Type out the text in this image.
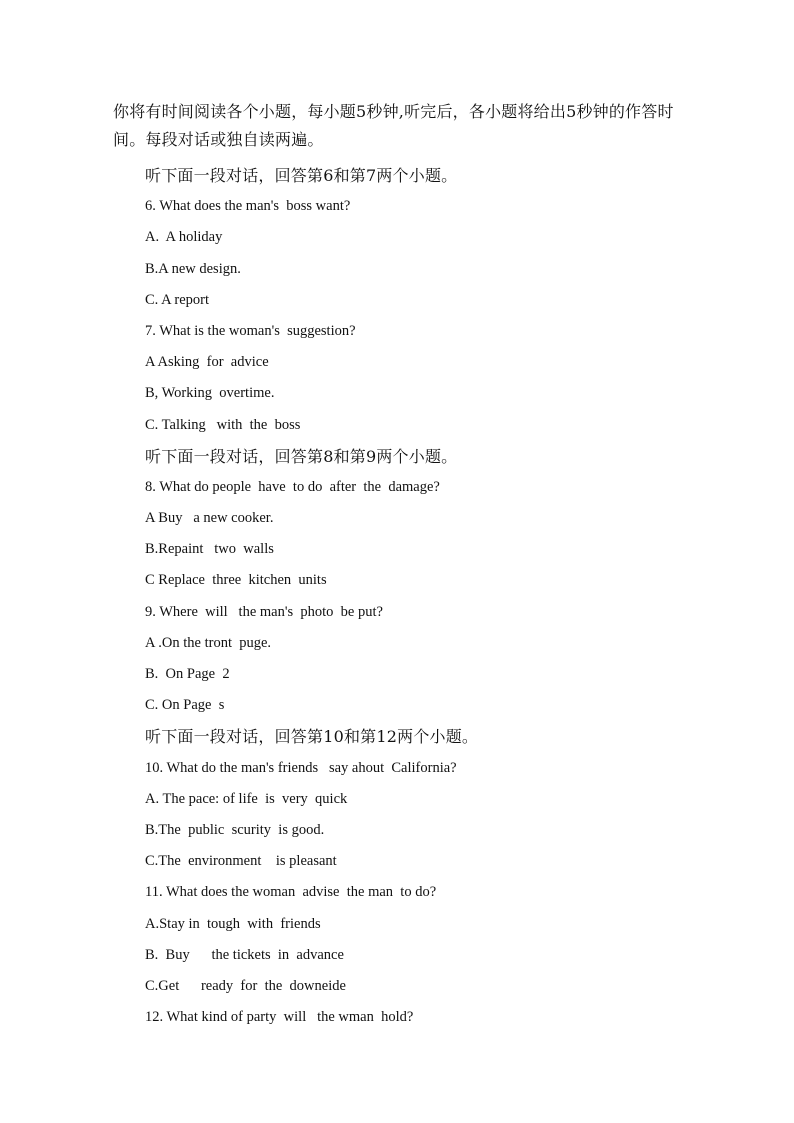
你将有时间阅读各个小题，每小题5秒钟,听完后，各小题将给出5秒钟的作答时间。每段对话或独自读两遍。
听下面一段对话，回答第6和第7两个小题。
6. What does the man's  boss want?
A.  A holiday
B.A new design.
C. A report
7. What is the woman's  suggestion?
A Asking  for  advice
B, Working  overtime.
C. Talking   with  the  boss
听下面一段对话，回答第8和第9两个小题。
8. What do people  have  to do  after  the  damage?
A Buy   a new cooker.
B.Repaint   two  walls
C Replace  three  kitchen  units
9. Where  will   the man's  photo  be put?
A .On the tront  puge.
B.  On Page  2
C. On Page  s
听下面一段对话，回答第10和第12两个小题。
10. What do the man's friends   say ahout  California?
A. The pace: of life  is  very  quick
B.The  public  scurity  is good.
C.The  environment    is pleasant
11. What does the woman  advise  the man  to do?
A.Stay in  tough  with  friends
B.  Buy      the tickets  in  advance
C.Get      ready  for  the  downeide
12. What kind of party  will   the wman  hold?
